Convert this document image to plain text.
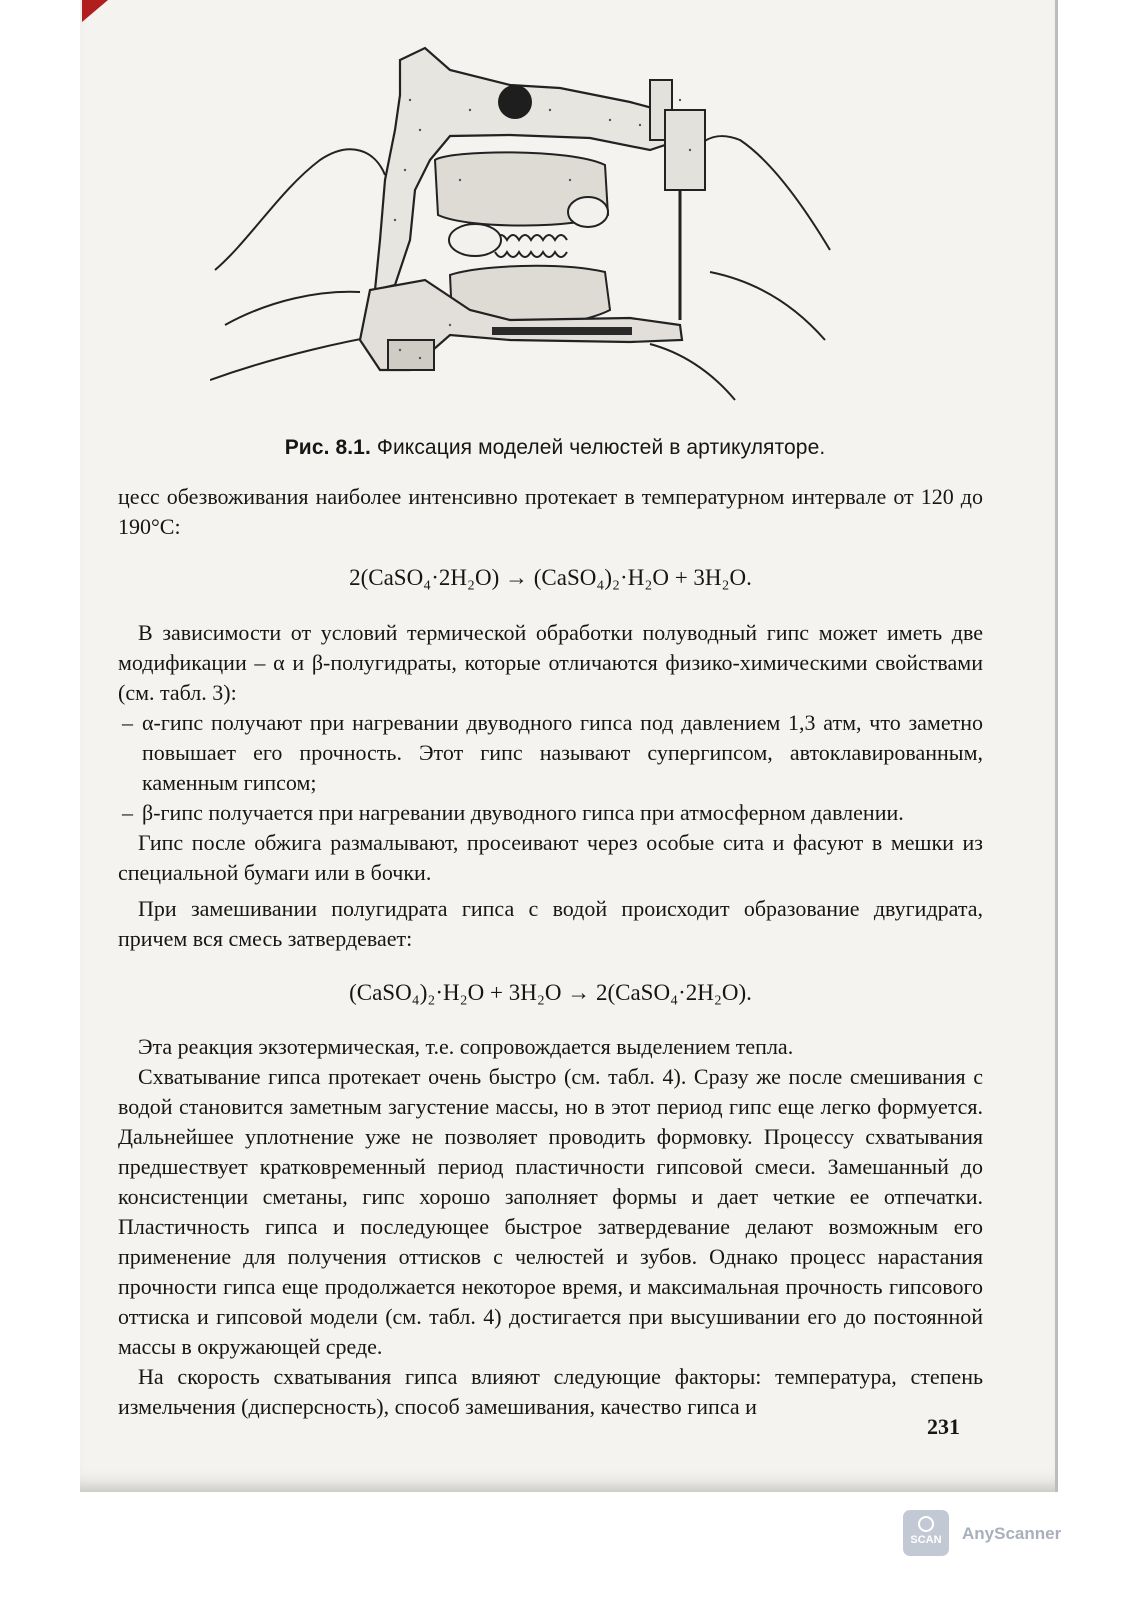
Рис. 8.1. Фиксация моделей челюстей в артикуляторе.

цесс обезвоживания наиболее интенсивно протекает в температурном интервале от 120 до 190°С:

2(CaSO₄·2H₂O) → (CaSO₄)₂·H₂O + 3H₂O.

В зависимости от условий термической обработки полуводный гипс может иметь две модификации – α и β-полугидраты, которые отличаются физико-химическими свойствами (см. табл. 3):

– α-гипс получают при нагревании двуводного гипса под давлением 1,3 атм, что заметно повышает его прочность. Этот гипс называют супергипсом, автоклавированным, каменным гипсом;
– β-гипс получается при нагревании двуводного гипса при атмосферном давлении.

Гипс после обжига размалывают, просеивают через особые сита и фасуют в мешки из специальной бумаги или в бочки.

При замешивании полугидрата гипса с водой происходит образование двугидрата, причем вся смесь затвердевает:

(CaSO₄)₂·H₂O + 3H₂O → 2(CaSO₄·2H₂O).

Эта реакция экзотермическая, т.е. сопровождается выделением тепла.

Схватывание гипса протекает очень быстро (см. табл. 4). Сразу же после смешивания с водой становится заметным загустение массы, но в этот период гипс еще легко формуется. Дальнейшее уплотнение уже не позволяет проводить формовку. Процессу схватывания предшествует кратковременный период пластичности гипсовой смеси. Замешанный до консистенции сметаны, гипс хорошо заполняет формы и дает четкие ее отпечатки. Пластичность гипса и последующее быстрое затвердевание делают возможным его применение для получения оттисков с челюстей и зубов. Однако процесс нарастания прочности гипса еще продолжается некоторое время, и максимальная прочность гипсового оттиска и гипсовой модели (см. табл. 4) достигается при высушивании его до постоянной массы в окружающей среде.

На скорость схватывания гипса влияют следующие факторы: температура, степень измельчения (дисперсность), способ замешивания, качество гипса и

231
SCAN	AnyScanner
